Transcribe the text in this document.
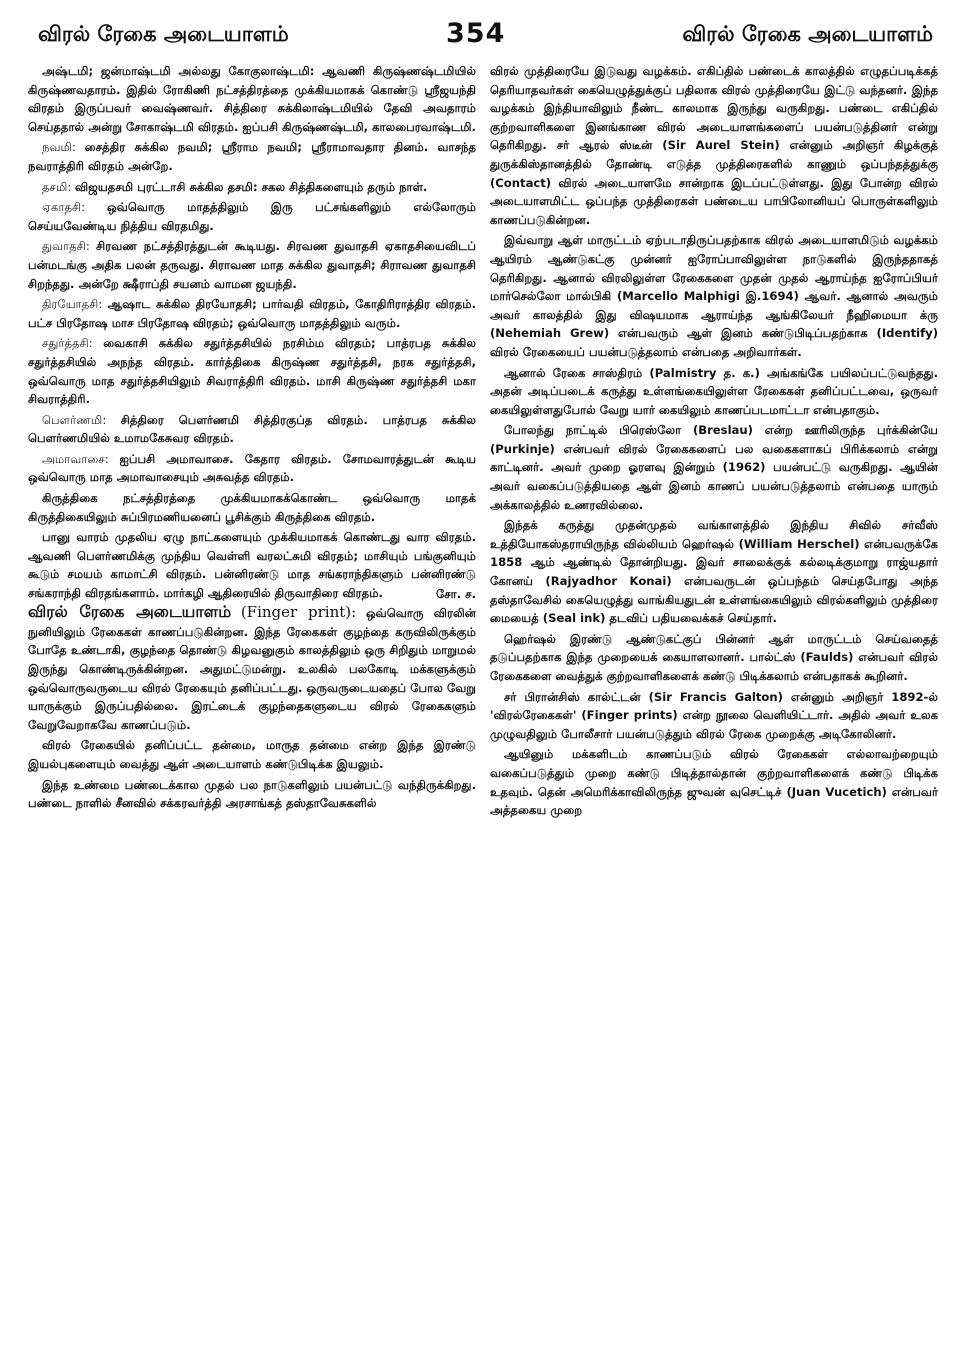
விரல் ரேகை அடையாளம்	354	விரல் ரேகை அடையாளம்

அஷ்டமி; ஜன்மாஷ்டமி அல்லது கோகுலாஷ்டமி: ஆவணி கிருஷ்ணஷ்டமியில் கிருஷ்ணவதாரம். இதில் ரோகிணி நட்சத்திரத்தை முக்கியமாகக் கொண்டு ஸ்ரீஜயந்தி விரதம் இருப்பவர் வைஷ்ணவர். சித்திரை சுக்கிலாஷ்டமியில் தேவி அவதாரம் செய்ததால் அன்று சோகாஷ்டமி விரதம். ஐப்பசி கிருஷ்ணஷ்டமி, காலபைரவாஷ்டமி.

நவமி: சைத்திர சுக்கில நவமி; ஸ்ரீராம நவமி; ஸ்ரீராமாவதார தினம். வாசந்த நவராத்திரி விரதம் அன்றே.

தசமி: விஜயதசமி புரட்டாசி சுக்கில தசமி: சகல சித்திகளையும் தரும் நாள்.

ஏகாதசி: ஒவ்வொரு மாதத்திலும் இரு பட்சங்களிலும் எல்லோரும் செய்யவேண்டிய நித்திய விரதமிது.

துவாதசி: சிரவண நட்சத்திரத்துடன் கூடியது. சிரவண துவாதசி ஏகாதசியைவிடப் பன்மடங்கு அதிக பலன் தருவது. சிராவண மாத சுக்கில துவாதசி; சிராவண துவாதசி சிறந்தது. அன்றே க்ஷீராப்தி சயனம் வாமன ஜயந்தி.

திரயோதசி: ஆஷாட சுக்கில திரயோதசி; பார்வதி விரதம், கோதிரிராத்திர விரதம். பட்ச பிரதோஷ மாச பிரதோஷ விரதம்; ஒவ்வொரு மாதத்திலும் வரும்.

சதுர்த்தசி: வைகாசி சுக்கில சதுர்த்தசியில் நரசிம்ம விரதம்; பாத்ரபத சுக்கில சதுர்த்தசியில் அநந்த விரதம். கார்த்திகை கிருஷ்ண சதுர்த்தசி, நரக சதுர்த்தசி, ஒவ்வொரு மாத சதுர்த்தசியிலும் சிவராத்திரி விரதம். மாசி கிருஷ்ண சதுர்த்தசி மகா சிவராத்திரி.

பௌர்ணமி: சித்திரை பௌர்ணமி சித்திரகுப்த விரதம். பாத்ரபத சுக்கில பௌர்ணமியில் உமாமகேசுவர விரதம்.

அமாவாசை: ஐப்பசி அமாவாசை. கேதார விரதம். சோமவாரத்துடன் கூடிய ஒவ்வொரு மாத அமாவாசையும் அசுவத்த விரதம்.

கிருத்திகை நட்சத்திரத்தை முக்கியமாகக்கொண்ட ஒவ்வொரு மாதக் கிருத்திகையிலும் சுப்பிரமணியனைப் பூசிக்கும் கிருத்திகை விரதம்.

பானு வாரம் முதலிய ஏழு நாட்களையும் முக்கியமாகக் கொண்டது வார விரதம். ஆவணி பௌர்ணமிக்கு முந்திய வெள்ளி வரலட்சுமி விரதம்; மாசியும் பங்குனியும் கூடும் சமயம் காமாட்சி விரதம். பன்னிரண்டு மாத சங்கராந்திகளும் பன்னிரண்டு சங்கராந்தி விரதங்களாம். மார்கழி ஆதிரையில் திருவாதிரை விரதம்.	சோ. ச.

விரல் ரேகை அடையாளம் (Finger print): ஒவ்வொரு விரலின் நுனியிலும் ரேகைகள் காணப்படுகின்றன. இந்த ரேகைகள் குழந்தை கருவிலிருக்கும் போதே உண்டாகி, குழந்தை தொண்டு கிழவனுகும் காலத்திலும் ஒரு சிறிதும் மாறுமல் இருந்து கொண்டிருக்கின்றன. அதுமட்டுமன்று. உலகில் பலகோடி மக்களுக்கும் ஒவ்வொருவருடைய விரல் ரேகையும் தனிப்பட்டது. ஒருவருடையதைப் போல வேறு யாருக்கும் இருப்பதில்லை. இரட்டைக் குழந்தைகளுடைய விரல் ரேகைகளும் வேறுவேறாகவே காணப்படும்.

விரல் ரேகையில் தனிப்பட்ட தன்மை, மாருத தன்மை என்ற இந்த இரண்டு இயல்புகளையும் வைத்து ஆள் அடையாளம் கண்டுபிடிக்க இயலும்.

இந்த உண்மை பண்டைக்கால முதல் பல நாடுகளிலும் பயன்பட்டு வந்திருக்கிறது. பண்டை நாளில் சீனவில் சக்கரவர்த்தி அரசாங்கத் தஸ்தாவேசுகளில்

விரல் முத்திரையே இடுவது வழக்கம். எகிப்தில் பண்டைக் காலத்தில் எழுதப்படிக்கத் தெரியாதவர்கள் கையெழுத்துக்குப் பதிலாக விரல் முத்திரையே இட்டு வந்தனர். இந்த வழக்கம் இந்தியாவிலும் நீண்ட காலமாக இருந்து வருகிறது. பண்டை எகிப்தில் குற்றவாளிகளை இனங்காண விரல் அடையாளங்களைப் பயன்படுத்தினர் என்று தெரிகிறது. சர் ஆரல் ஸ்டீன் (Sir Aurel Stein) என்னும் அறிஞர் கிழக்குத் துருக்கிஸ்தானத்தில் தோண்டி எடுத்த முத்திரைகளில் காணும் ஒப்பந்தத்துக்கு (Contact) விரல் அடையாளமே சான்றாக இடப்பட்டுள்ளது. இது போன்ற விரல் அடையாளமிட்ட ஒப்பந்த முத்திரைகள் பண்டைய பாபிலோனியப் பொருள்களிலும் காணப்படுகின்றன.

இவ்வாறு ஆள் மாருட்டம் ஏற்படாதிருப்பதற்காக விரல் அடையாளமிடும் வழக்கம் ஆயிரம் ஆண்டுகட்கு முன்னர் ஐரோப்பாவிலுள்ள நாடுகளில் இருந்ததாகத் தெரிகிறது. ஆனால் விரலிலுள்ள ரேகைகளை முதன் முதல் ஆராய்ந்த ஐரோப்பியர் மார்செல்லோ மால்பிகி (Marcello Malphigi இ.1694) ஆவர். ஆனால் அவரும் அவர் காலத்தில் இது விஷயமாக ஆராய்ந்த ஆங்கிலேயர் நீஹிமையா க்ரு (Nehemiah Grew) என்பவரும் ஆள் இனம் கண்டுபிடிப்பதற்காக (Identify) விரல் ரேகையைப் பயன்படுத்தலாம் என்பதை அறிவார்கள்.

ஆனால் ரேகை சாஸ்திரம் (Palmistry த. க.) அங்கங்கே பயிலப்பட்டுவந்தது. அதன் அடிப்படைக் கருத்து உள்ளங்கையிலுள்ள ரேகைகள் தனிப்பட்டவை, ஒருவர் கையிலுள்ளதுபோல் வேறு யார் கையிலும் காணப்படமாட்டா என்பதாகும்.

போலந்து நாட்டில் பிரெஸ்லோ (Breslau) என்ற ஊரிலிருந்த புர்க்கின்யே (Purkinje) என்பவர் விரல் ரேகைகளைப் பல வகைகளாகப் பிரிக்கலாம் என்று காட்டினர். அவர் முறை ஓரளவு இன்றும் (1962) பயன்பட்டு வருகிறது. ஆயின் அவர் வகைப்படுத்தியதை ஆள் இனம் காணப் பயன்படுத்தலாம் என்பதை யாரும் அக்காலத்தில் உணரவில்லை.

இந்தக் கருத்து முதன்முதல் வங்காளத்தில் இந்திய சிவில் சர்வீஸ் உத்தியோகஸ்தராயிருந்த வில்லியம் ஹெர்ஷல் (William Herschel) என்பவருக்கே 1858 ஆம் ஆண்டில் தோன்றியது. இவர் சாலைக்குக் கல்லடிக்குமாறு ராஜ்யதார் கோனய் (Rajyadhor Konai) என்பவருடன் ஒப்பந்தம் செய்தபோது அந்த தஸ்தாவேசில் கையெழுத்து வாங்கியதுடன் உள்ளங்கையிலும் விரல்களிலும் முத்திரை மையைத் (Seal ink) தடவிப் பதியவைக்கச் செய்தார்.

ஹெர்ஷல் இரண்டு ஆண்டுகட்குப் பின்னர் ஆள் மாருட்டம் செய்வதைத் தடுப்பதற்காக இந்த முறையைக் கையாளலானர். பால்ட்ஸ் (Faulds) என்பவர் விரல் ரேகைகளை வைத்துக் குற்றவாளிகளைக் கண்டு பிடிக்கலாம் என்பதாகக் கூறினர்.

சர் பிரான்சிஸ் கால்ட்டன் (Sir Francis Galton) என்னும் அறிஞர் 1892-ல் 'விரல்ரேகைகள்' (Finger prints) என்ற நூலை வெளியிட்டார். அதில் அவர் உலக முழுவதிலும் போலீசார் பயன்படுத்தும் விரல் ரேகை முறைக்கு அடிகோலினர்.

ஆயினும் மக்களிடம் காணப்படும் விரல் ரேகைகள் எல்லாவற்றையும் வகைப்படுத்தும் முறை கண்டு பிடித்தால்தான் குற்றவாளிகளைக் கண்டு பிடிக்க உதவும். தென் அமெரிக்காவிலிருந்த ஜுவன் வுசெட்டிச் (Juan Vucetich) என்பவர் அத்தகைய முறை
